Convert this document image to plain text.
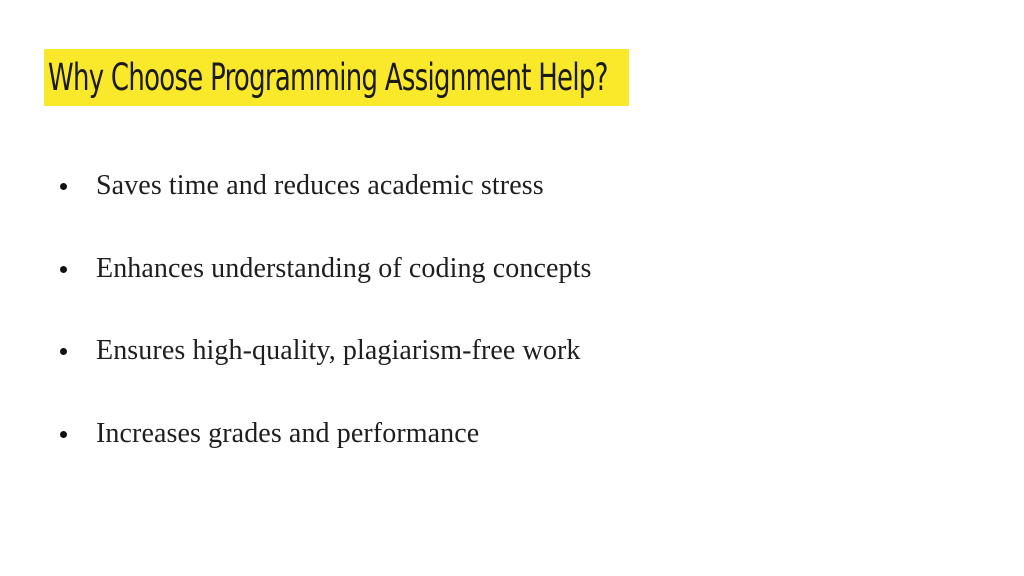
Why Choose Programming Assignment Help?
Saves time and reduces academic stress
Enhances understanding of coding concepts
Ensures high-quality, plagiarism-free work
Increases grades and performance
